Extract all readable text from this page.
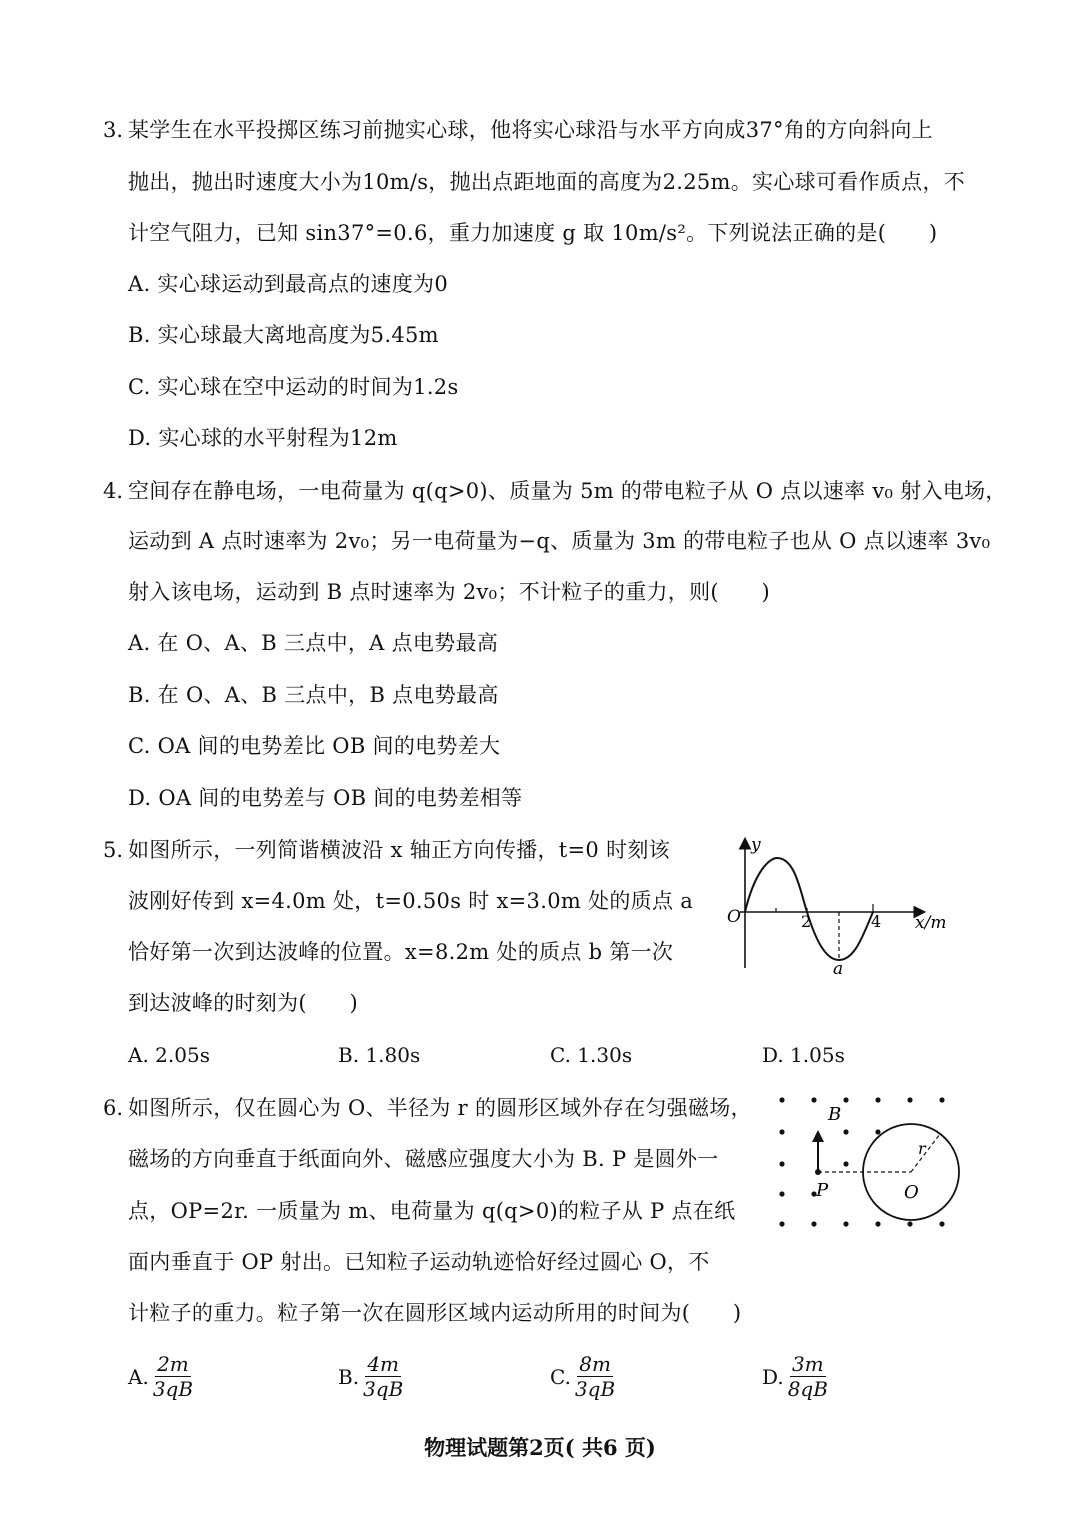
3. 某学生在水平投掷区练习前抛实心球，他将实心球沿与水平方向成37°角的方向斜向上
抛出，抛出时速度大小为10m/s，抛出点距地面的高度为2.25m。实心球可看作质点，不
计空气阻力，已知 sin37°=0.6，重力加速度 g 取 10m/s²。下列说法正确的是(　　)
A. 实心球运动到最高点的速度为0
B. 实心球最大离地高度为5.45m
C. 实心球在空中运动的时间为1.2s
D. 实心球的水平射程为12m
4. 空间存在静电场，一电荷量为 q(q>0)、质量为 5m 的带电粒子从 O 点以速率 v₀ 射入电场，
运动到 A 点时速率为 2v₀；另一电荷量为−q、质量为 3m 的带电粒子也从 O 点以速率 3v₀
射入该电场，运动到 B 点时速率为 2v₀；不计粒子的重力，则(　　)
A. 在 O、A、B 三点中，A 点电势最高
B. 在 O、A、B 三点中，B 点电势最高
C. OA 间的电势差比 OB 间的电势差大
D. OA 间的电势差与 OB 间的电势差相等
5. 如图所示，一列简谐横波沿 x 轴正方向传播，t=0 时刻该
波刚好传到 x=4.0m 处，t=0.50s 时 x=3.0m 处的质点 a
恰好第一次到达波峰的位置。x=8.2m 处的质点 b 第一次
到达波峰的时刻为(　　)
A. 2.05s	B. 1.80s	C. 1.30s	D. 1.05s
y
O	2	4 x/m
a
6. 如图所示，仅在圆心为 O、半径为 r 的圆形区域外存在匀强磁场，
磁场的方向垂直于纸面向外、磁感应强度大小为 B. P 是圆外一
点，OP=2r. 一质量为 m、电荷量为 q(q>0)的粒子从 P 点在纸
面内垂直于 OP 射出。已知粒子运动轨迹恰好经过圆心 O，不
计粒子的重力。粒子第一次在圆形区域内运动所用的时间为(　　)
A. $\frac{2m}{3qB}$	B. $\frac{4m}{3qB}$	C. $\frac{8m}{3qB}$	D. $\frac{3m}{8qB}$
B
r
P	O
物理试题第2页( 共6 页)
